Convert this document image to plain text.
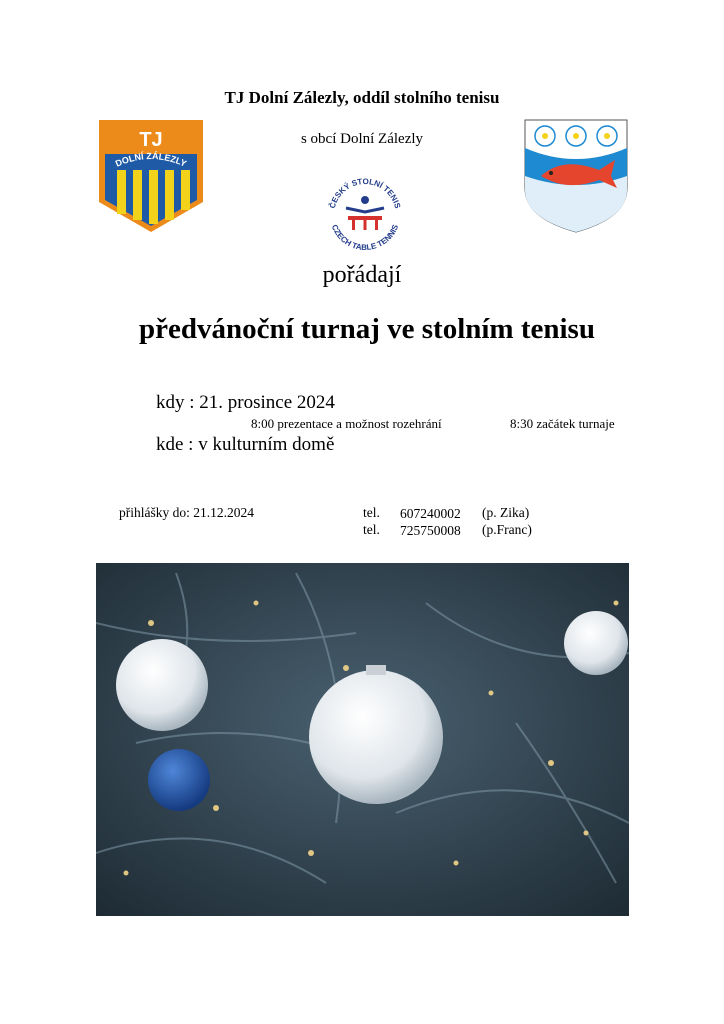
TJ Dolní Zálezly, oddíl stolního tenisu
TJ
DOLNÍ ZÁLEZLY
s obcí Dolní Zálezly
ČESKÝ STOLNÍ TENIS
CZECH TABLE TENNIS
pořádají
předvánoční turnaj ve stolním tenisu
kdy : 21. prosince 2024
8:00 prezentace a možnost rozehrání	8:30 začátek turnaje
kde : v kulturním domě
přihlášky do: 21.12.2024	tel. 607240002 (p. Zika)
tel. 725750008 (p.Franc)
